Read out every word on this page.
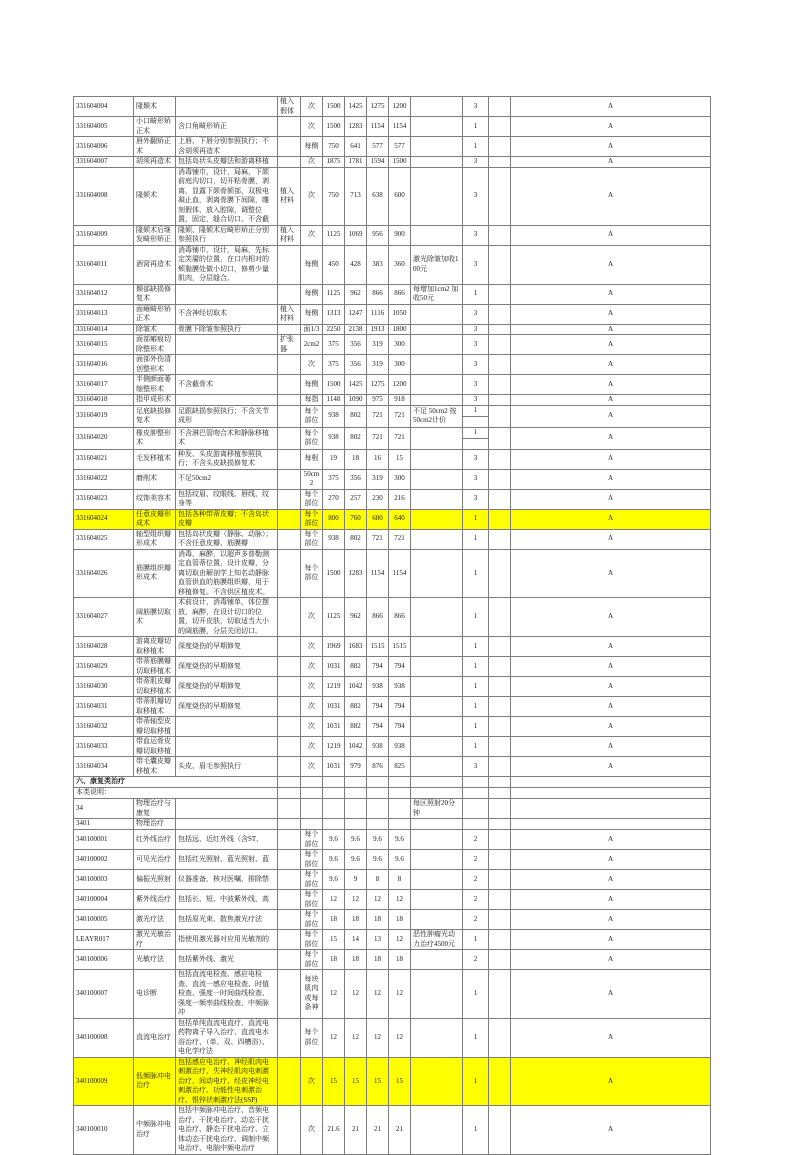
331604004	隆颞术		植入假体	次	1500	1425	1275	1200		3		A
331604005	小口畸形矫正术	含口角畸形矫正		次	1500	1283	1154	1154		1		A
331604006	唇外翻矫正术	上唇、下唇分别参照执行；不含胡须再造术		每侧	750	641	577	577		1		A
331604007	胡须再造术	包括岛状头皮瓣法和游离移植		次	1875	1781	1594	1500		3		A
331604008	隆颏术	消毒铺巾，设计，局麻，下颌前庭沟切口，切开粘骨膜，剥离，显露下颌骨颏部，双极电凝止血，剥离骨膜下间隙，雕刻假体，放入腔隙，调整位置，固定，缝合切口。不含截	植入材料	次	750	713	638	600		3		A
331604009	隆颏术后继发畸形矫正	隆颏、隆颏术后畸形矫正分别参照执行	植入材料	次	1125	1069	956	900		3		A
331604011	酒窝再造术	消毒铺巾，设计，局麻，先标定笑靥的位置，在口内相对的颊黏膜处做小切口，修剪少量肌肉，分层缝合。		每侧	450	428	383	360	激光除皱加收100元	3		A
331604012	颞部缺损修复术			每侧	1125	962	866	866	每增加1cm2 加收50元	1		A
331604013	面瘫畸形矫正术	不含神经切取术	植入材料	每侧	1313	1247	1116	1050		3		A
331604014	除皱术	骨膜下除皱参照执行		面1/3	2250	2138	1913	1800		3		A
331604015	面部瘢痕切除整形术		扩张器	2cm2	375	356	319	300		3		A
331604016	面部外伤清创整形术			次	375	356	319	300		3		A
331604017	半侧颜面萎缩整形术	不含截骨术		每侧	1500	1425	1275	1200		3		A
331604018	指甲成形术			每指	1148	1090	975	918		3		A
331604019	足底缺损修复术	足跟缺损参照执行；不含关节成形		每个部位	938	802	721	721	不足 50cm2 按50cm2计价	1		A
331604020	橡皮肿整形术	不含淋巴管吻合术和静脉移植术		每个部位	938	802	721	721		1		A
331604021	毛发移植术	种发、头皮游离移植参照执行；不含头皮缺损修复术		每根	19	18	16	15		3		A
331604022	磨削术	不足50cm2		50cm2	375	356	319	300		3		A
331604023	纹饰美容术	包括纹眉、纹眼线、唇线、纹身等		每个部位	270	257	230	216		3		A
331604024	任意皮瓣形成术	包括各种带蒂皮瓣；不含岛状皮瓣		每个部位	800	760	680	640		1		A
331604025	轴型组织瓣形成术	包括岛状皮瓣（静脉、动脉）；不含任意皮瓣、筋膜瓣		每个部位	938	802	721	721		1		A
331604026	筋膜组织瓣形成术	消毒，麻醉，以超声多普勒测定血管蒂位置，设计皮瓣，分离切取由解剖学上知名动静脉血管供血的筋膜组织瓣，用于移植修复。不含供区植皮术。		每个部位	1500	1283	1154	1154		1		A
331604027	阔筋膜切取术	术前设计，消毒铺单，体位摆放，麻醉，在设计切口的位置，切开皮肤，切取适当大小的阔筋膜，分层关闭切口。		次	1125	962	866	866		1		A
331604028	游离皮瓣切取移植术	深度烧伤的早期修复		次	1969	1683	1515	1515		1		A
331604029	带蒂筋膜瓣切取移植术	深度烧伤的早期修复		次	1031	882	794	794		1		A
331604030	带蒂肌皮瓣切取移植术	深度烧伤的早期修复		次	1219	1042	938	938		1		A
331604031	带蒂肌瓣切取移植术	深度烧伤的早期修复		次	1031	882	794	794		1		A
331604032	带蒂轴型皮瓣切取移植			次	1031	882	794	794		1		A
331604033	带血运骨皮瓣切取移植			次	1219	1042	938	938		1		A
331604034	带毛囊皮瓣移植术	头皮、眉毛参照执行		次	1031	979	876	825		3		A
六、康复类治疗												
本类说明：												
34	物理治疗与康复								每区照射20分钟			
3401	物理治疗											
340100001	红外线治疗	包括远、近红外线（含ST、		每个部位	9.6	9.6	9.6	9.6		2		A
340100002	可见光治疗	包括红光照射、蓝光照射、蓝		每个部位	9.6	9.6	9.6	9.6		2		A
340100003	偏振光照射	仪器准备，核对医嘱，排除禁		每个部位	9.6	9	8	8		2		A
340100004	紫外线治疗	包括长、短、中波紫外线，高		每个部位	12	12	12	12		2		A
340100005	激光疗法	包括原光束、散焦激光疗法		每个部位	18	18	18	18		2		A
LEAYR017	激光光敏治疗	指使用激光器对应用光敏剂的		每个部位	15	14	13	12	恶性肿瘤光动力治疗4500元	1		A
340100006	光敏疗法	包括紫外线、激光		每个部位	18	18	18	18		2		A
340100007	电诊断	包括直流电检查、感应电检查、直流一感应电检查、时值检查、强度一时间曲线检查、强度一频率曲线检查、中频脉冲		每块肌肉或每条神	12	12	12	12		1		A
340100008	直流电治疗	包括单纯直流电直疗、直流电药物离子导入治疗、直流电水浴治疗、（单、双、四槽浴）、电化学疗法		每个部位	12	12	12	12		1		A
340100009	低频脉冲电治疗	包括感应电治疗、神经肌肉电刺激治疗、失神经肌肉电刺激治疗、间动电疗、经皮神经电刺激治疗、功能性电刺激治疗、银锌状刺激疗法(SSP)		次	15	15	15	15		1		A
340100010	中频脉冲电治疗	包括中频脉冲电治疗、音频电治疗、干扰电治疗、动态干扰电治疗、静态干扰电治疗、立体动态干扰电治疗、调制中频电治疗、电脑中频电治疗		次	21.6	21	21	21		1		A
